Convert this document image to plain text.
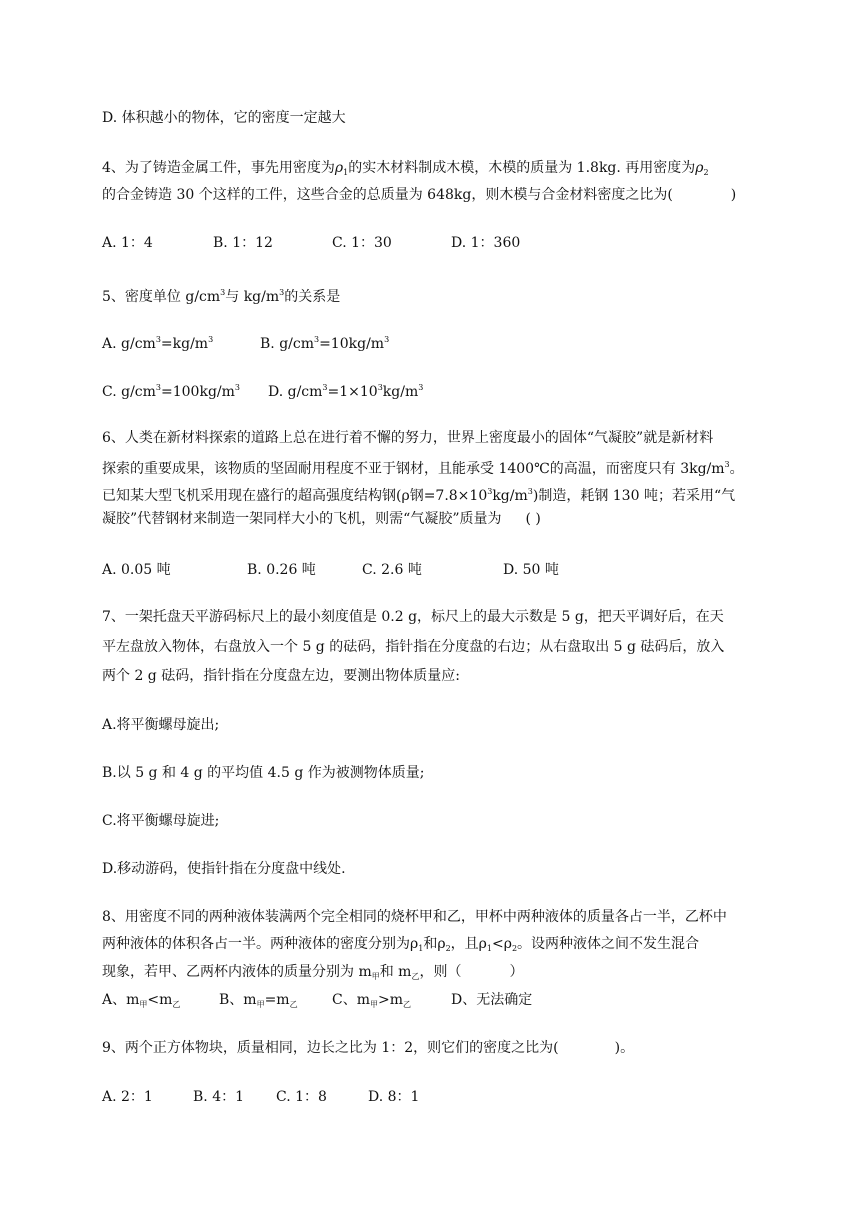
D. 体积越小的物体，它的密度一定越大
4、为了铸造金属工件，事先用密度为$\rho_1$的实木材料制成木模，木模的质量为 1.8kg. 再用密度为$\rho_2$
的合金铸造 30 个这样的工件，这些合金的总质量为 648kg，则木模与合金材料密度之比为(	)
A. 1：4	B. 1：12	C. 1：30	D. 1：360
5、密度单位 $g/cm^3$与 $kg/m^3$的关系是
A. $g/cm^3=kg/m^3$	B. $g/cm^3=10kg/m^3$
C. $g/cm^3=100kg/m^3$ D. $g/cm^3=1\times 10^3kg/m^3$
6、人类在新材料探索的道路上总在进行着不懈的努力，世界上密度最小的固体“气凝胶”就是新材料
探索的重要成果，该物质的坚固耐用程度不亚于钢材，且能承受 1400℃的高温，而密度只有 $3kg/m^3$。
已知某大型飞机采用现在盛行的超高强度结构钢(ρ钢$=7.8\times 10^3kg/m^3$)制造，耗钢 130 吨；若采用“气
凝胶”代替钢材来制造一架同样大小的飞机，则需“气凝胶”质量为 ( )
A. 0.05 吨	B. 0.26 吨	C. 2.6 吨	D. 50 吨
7、一架托盘天平游码标尺上的最小刻度值是 0.2 g，标尺上的最大示数是 5 g，把天平调好后，在天
平左盘放入物体，右盘放入一个 5 g 的砝码，指针指在分度盘的右边；从右盘取出 5 g 砝码后，放入
两个 2 g 砝码，指针指在分度盘左边，要测出物体质量应:
A.将平衡螺母旋出;
B.以 5 g 和 4 g 的平均值 4.5 g 作为被测物体质量;
C.将平衡螺母旋进;
D.移动游码，使指针指在分度盘中线处.
8、用密度不同的两种液体装满两个完全相同的烧杯甲和乙，甲杯中两种液体的质量各占一半，乙杯中
两种液体的体积各占一半。两种液体的密度分别为$\rho_1$和$\rho_2$，且$\rho_1<\rho_2$。设两种液体之间不发生混合
现象，若甲、乙两杯内液体的质量分别为 $m_甲$和 $m_乙$，则（	）
A、$m_甲<m_乙$	B、$m_甲=m_乙$ C、$m_甲>m_乙$	D、无法确定
9、两个正方体物块，质量相同，边长之比为 1：2，则它们的密度之比为(	)。
A. 2：1	B. 4：1 C. 1：8	D. 8：1
